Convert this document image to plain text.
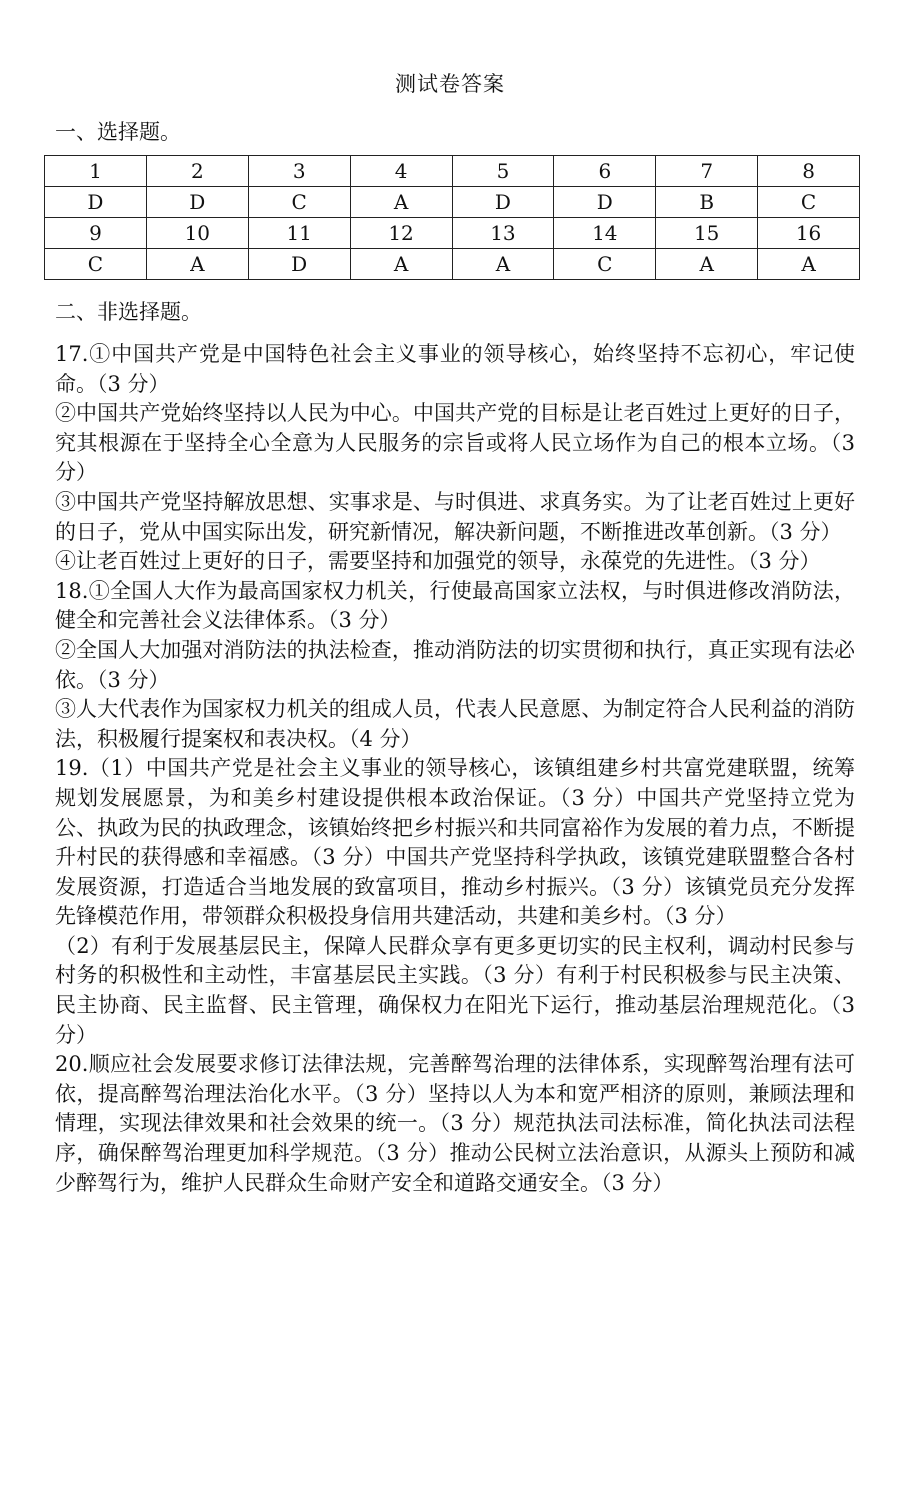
测试卷答案
一、选择题。
1	2	3	4	5	6	7	8
D	D	C	A	D	D	B	C
9	10	11	12	13	14	15	16
C	A	D	A	A	C	A	A
二、非选择题。

17.①中国共产党是中国特色社会主义事业的领导核心，始终坚持不忘初心，牢记使命。（3 分）

②中国共产党始终坚持以人民为中心。中国共产党的目标是让老百姓过上更好的日子，究其根源在于坚持全心全意为人民服务的宗旨或将人民立场作为自己的根本立场。（3 分）

③中国共产党坚持解放思想、实事求是、与时俱进、求真务实。为了让老百姓过上更好的日子，党从中国实际出发，研究新情况，解决新问题，不断推进改革创新。（3 分）

④让老百姓过上更好的日子，需要坚持和加强党的领导，永葆党的先进性。（3 分）

18.①全国人大作为最高国家权力机关，行使最高国家立法权，与时俱进修改消防法，健全和完善社会义法律体系。（3 分）

②全国人大加强对消防法的执法检查，推动消防法的切实贯彻和执行，真正实现有法必依。（3 分）

③人大代表作为国家权力机关的组成人员，代表人民意愿、为制定符合人民利益的消防法，积极履行提案权和表决权。（4 分）

19.（1）中国共产党是社会主义事业的领导核心，该镇组建乡村共富党建联盟，统筹规划发展愿景，为和美乡村建设提供根本政治保证。（3 分）中国共产党坚持立党为公、执政为民的执政理念，该镇始终把乡村振兴和共同富裕作为发展的着力点，不断提升村民的获得感和幸福感。（3 分）中国共产党坚持科学执政，该镇党建联盟整合各村发展资源，打造适合当地发展的致富项目，推动乡村振兴。（3 分）该镇党员充分发挥先锋模范作用，带领群众积极投身信用共建活动，共建和美乡村。（3 分）

（2）有利于发展基层民主，保障人民群众享有更多更切实的民主权利，调动村民参与村务的积极性和主动性，丰富基层民主实践。（3 分）有利于村民积极参与民主决策、民主协商、民主监督、民主管理，确保权力在阳光下运行，推动基层治理规范化。（3 分）

20.顺应社会发展要求修订法律法规，完善醉驾治理的法律体系，实现醉驾治理有法可依，提高醉驾治理法治化水平。（3 分）坚持以人为本和宽严相济的原则，兼顾法理和情理，实现法律效果和社会效果的统一。（3 分）规范执法司法标准，简化执法司法程序，确保醉驾治理更加科学规范。（3 分）推动公民树立法治意识，从源头上预防和减少醉驾行为，维护人民群众生命财产安全和道路交通安全。（3 分）
